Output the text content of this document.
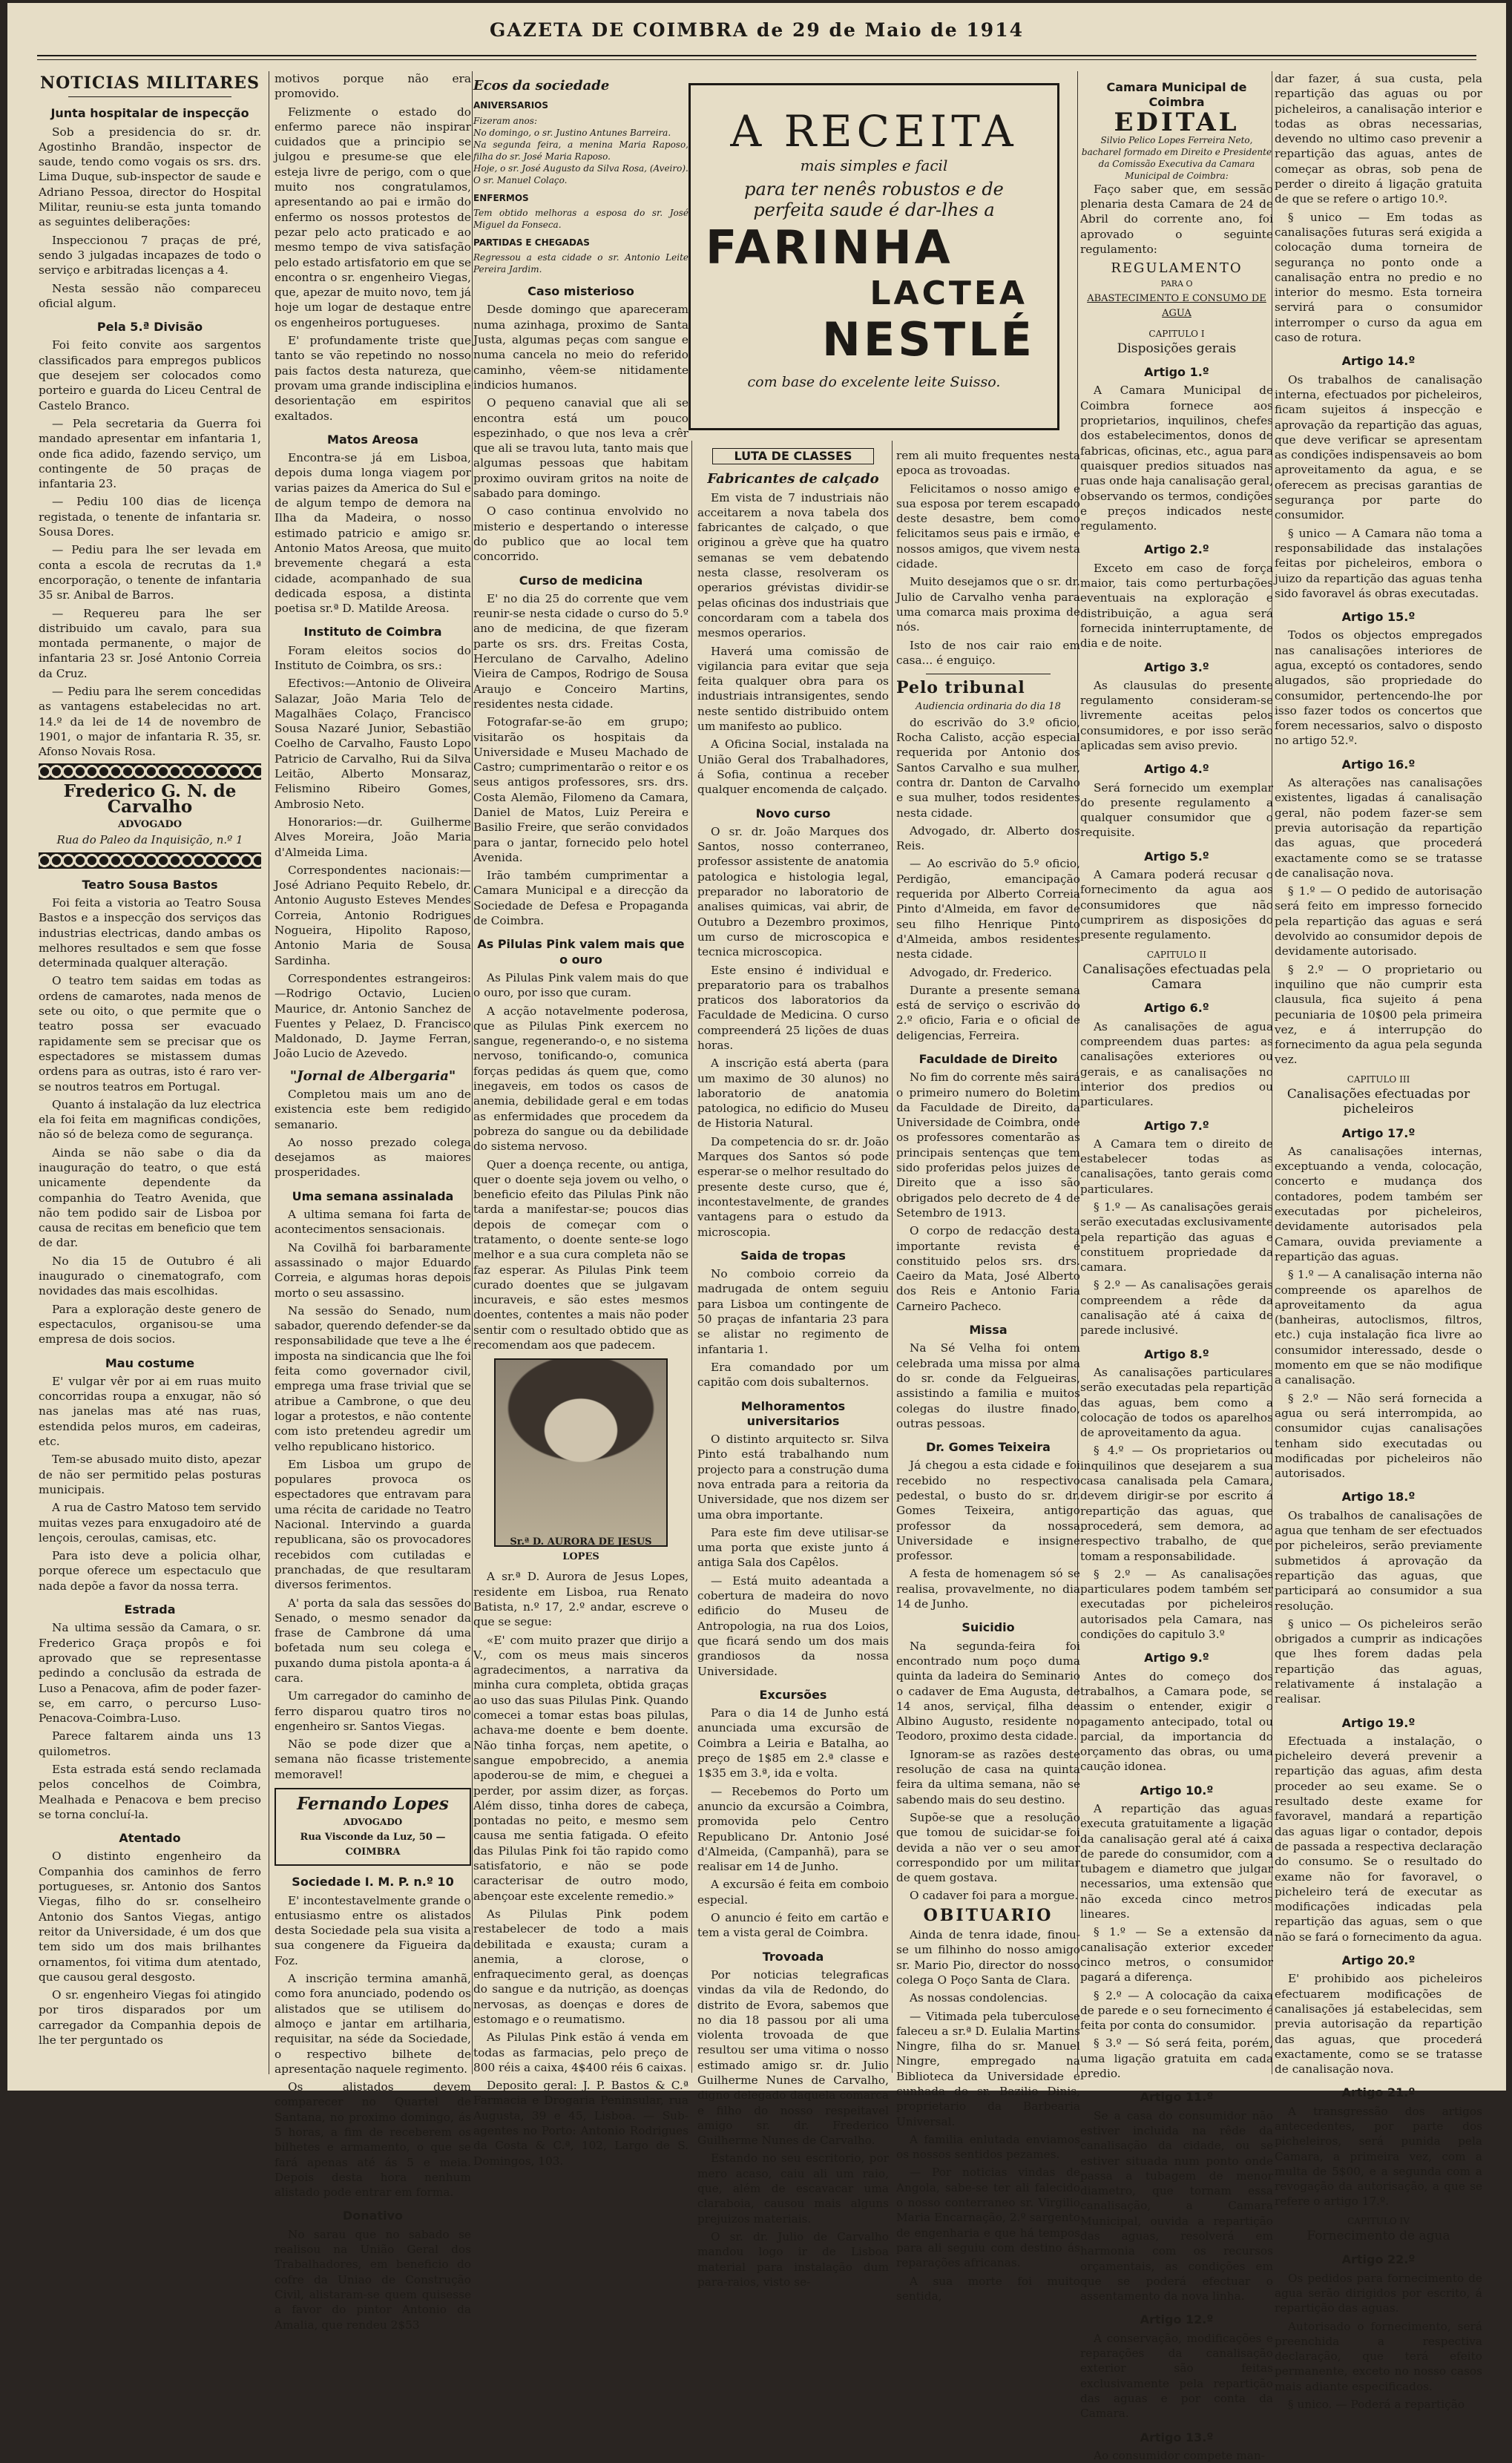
GAZETA DE COIMBRA de 29 de Maio de 1914
NOTICIAS MILITARES
Junta hospitalar de inspecção

Sob a presidencia do sr. dr. Agostinho Brandão, inspector de saude, tendo como vogais os srs. drs. Lima Duque, sub-inspector de saude e Adriano Pessoa, director do Hospital Militar, reuniu-se esta junta tomando as seguintes deliberações:

Inspeccionou 7 praças de pré, sendo 3 julgadas incapazes de todo o serviço e arbitradas licenças a 4.

Nesta sessão não compareceu oficial algum.

Pela 5.ª Divisão

Foi feito convite aos sargentos classificados para empregos publicos que desejem ser colocados como porteiro e guarda do Liceu Central de Castelo Branco.

— Pela secretaria da Guerra foi mandado apresentar em infantaria 1, onde fica adido, fazendo serviço, um contingente de 50 praças de infantaria 23.

— Pediu 100 dias de licença registada, o tenente de infantaria sr. Sousa Dores.

— Pediu para lhe ser levada em conta a escola de recrutas da 1.ª encorporação, o tenente de infantaria 35 sr. Anibal de Barros.

— Requereu para lhe ser distribuido um cavalo, para sua montada permanente, o major de infantaria 23 sr. José Antonio Correia da Cruz.

— Pediu para lhe serem concedidas as vantagens estabelecidas no art. 14.º da lei de 14 de novembro de 1901, o major de infantaria R. 35, sr. Afonso Novais Rosa.

Frederico G. N. de Carvalho
ADVOGADO
Rua do Paleo da Inquisição, n.º 1
Teatro Sousa Bastos

Foi feita a vistoria ao Teatro Sousa Bastos e a inspecção dos serviços das industrias electricas, dando ambas os melhores resultados e sem que fosse determinada qualquer alteração.

O teatro tem saidas em todas as ordens de camarotes, nada menos de sete ou oito, o que permite que o teatro possa ser evacuado rapidamente sem se precisar que os espectadores se mistassem dumas ordens para as outras, isto é raro ver-se noutros teatros em Portugal.

Quanto á instalação da luz electrica ela foi feita em magnificas condições, não só de beleza como de segurança.

Ainda se não sabe o dia da inauguração do teatro, o que está unicamente dependente da companhia do Teatro Avenida, que não tem podido sair de Lisboa por causa de recitas em beneficio que tem de dar.

No dia 15 de Outubro é ali inaugurado o cinematografo, com novidades das mais escolhidas.

Para a exploração deste genero de espectaculos, organisou-se uma empresa de dois socios.

Mau costume

E' vulgar vêr por ai em ruas muito concorridas roupa a enxugar, não só nas janelas mas até nas ruas, estendida pelos muros, em cadeiras, etc.

Tem-se abusado muito disto, apezar de não ser permitido pelas posturas municipais.

A rua de Castro Matoso tem servido muitas vezes para enxugadoiro até de lençois, ceroulas, camisas, etc.

Para isto deve a policia olhar, porque oferece um espectaculo que nada depõe a favor da nossa terra.

Estrada

Na ultima sessão da Camara, o sr. Frederico Graça propôs e foi aprovado que se representasse pedindo a conclusão da estrada de Luso a Penacova, afim de poder fazer-se, em carro, o percurso Luso-Penacova-Coimbra-Luso.

Parece faltarem ainda uns 13 quilometros.

Esta estrada está sendo reclamada pelos concelhos de Coimbra, Mealhada e Penacova e bem preciso se torna concluí-la.

Atentado

O distinto engenheiro da Companhia dos caminhos de ferro portugueses, sr. Antonio dos Santos Viegas, filho do sr. conselheiro Antonio dos Santos Viegas, antigo reitor da Universidade, é um dos que tem sido um dos mais brilhantes ornamentos, foi vitima dum atentado, que causou geral desgosto.

O sr. engenheiro Viegas foi atingido por tiros disparados por um carregador da Companhia depois de lhe ter perguntado os

motivos porque não era promovido.

Felizmente o estado do enfermo parece não inspirar cuidados que a principio se julgou e presume-se que ele esteja livre de perigo, com o que muito nos congratulamos, apresentando ao pai e irmão do enfermo os nossos protestos de pezar pelo acto praticado e ao mesmo tempo de viva satisfação pelo estado artisfatorio em que se encontra o sr. engenheiro Viegas, que, apezar de muito novo, tem já hoje um logar de destaque entre os engenheiros portugueses.

E' profundamente triste que tanto se vão repetindo no nosso pais factos desta natureza, que provam uma grande indisciplina e desorientação em espiritos exaltados.

Matos Areosa

Encontra-se já em Lisboa, depois duma longa viagem por varias paizes da America do Sul e de algum tempo de demora na Ilha da Madeira, o nosso estimado patricio e amigo sr. Antonio Matos Areosa, que muito brevemente chegará a esta cidade, acompanhado de sua dedicada esposa, a distinta poetisa sr.ª D. Matilde Areosa.

Instituto de Coimbra

Foram eleitos socios do Instituto de Coimbra, os srs.:

Efectivos:—Antonio de Oliveira Salazar, João Maria Telo de Magalhães Colaço, Francisco Sousa Nazaré Junior, Sebastião Coelho de Carvalho, Fausto Lopo Patricio de Carvalho, Rui da Silva Leitão, Alberto Monsaraz, Felismino Ribeiro Gomes, Ambrosio Neto.

Honorarios:—dr. Guilherme Alves Moreira, João Maria d'Almeida Lima.

Correspondentes nacionais:—José Adriano Pequito Rebelo, dr. Antonio Augusto Esteves Mendes Correia, Antonio Rodrigues Nogueira, Hipolito Raposo, Antonio Maria de Sousa Sardinha.

Correspondentes estrangeiros:—Rodrigo Octavio, Lucien Maurice, dr. Antonio Sanchez de Fuentes y Pelaez, D. Francisco Maldonado, D. Jayme Ferran, João Lucio de Azevedo.

"Jornal de Albergaria"

Completou mais um ano de existencia este bem redigido semanario.

Ao nosso prezado colega desejamos as maiores prosperidades.

Uma semana assinalada

A ultima semana foi farta de acontecimentos sensacionais.

Na Covilhã foi barbaramente assassinado o major Eduardo Correia, e algumas horas depois morto o seu assassino.

Na sessão do Senado, num sabador, querendo defender-se da responsabilidade que teve a lhe é imposta na sindicancia que lhe foi feita como governador civil, emprega uma frase trivial que se atribue a Cambrone, o que deu logar a protestos, e não contente com isto pretendeu agredir um velho republicano historico.

Em Lisboa um grupo de populares provoca os espectadores que entravam para uma récita de caridade no Teatro Nacional. Intervindo a guarda republicana, são os provocadores recebidos com cutiladas e pranchadas, de que resultaram diversos ferimentos.

A' porta da sala das sessões do Senado, o mesmo senador da frase de Cambrone dá uma bofetada num seu colega e puxando duma pistola aponta-a á cara.

Um carregador do caminho de ferro disparou quatro tiros no engenheiro sr. Santos Viegas.

Não se pode dizer que a semana não ficasse tristemente memoravel!

Fernando Lopes
ADVOGADO
Rua Visconde da Luz, 50 — COIMBRA
Sociedade I. M. P. n.º 10

E' incontestavelmente grande o entusiasmo entre os alistados desta Sociedade pela sua visita a sua congenere da Figueira da Foz.

A inscrição termina amanhã, como fora anunciado, podendo os alistados que se utilisem do almoço e jantar em artilharia, requisitar, na séde da Sociedade, o respectivo bilhete de apresentação naquele regimento.

Os alistados devem comparecer no Quartel de Santana, no proximo domingo, ás 5 horas, a fim de receberem os bilhetes e armamento, o que se fará apenas até ás 5 e meia. Depois desta hora nenhum alistado pode entrar em forma.

Donativo

No sarau que no sabado se realisou na União Geral dos Trabalhadores, em beneficio do cofre da Uniao de Construção Civil, alistaram-se quem quisesse a favor do pintor Antonio da Amalia, que rendeu 2$53

Ecos da sociedade
ANIVERSARIOS
Fizeram anos:
No domingo, o sr. Justino Antunes Barreira.
Na segunda feira, a menina Maria Raposo, filha do sr. José Maria Raposo.
Hoje, o sr. José Augusto da Silva Rosa, (Aveiro).
O sr. Manuel Colaço.
ENFERMOS
Tem obtido melhoras a esposa do sr. José Miguel da Fonseca.
PARTIDAS E CHEGADAS
Regressou a esta cidade o sr. Antonio Leite Pereira Jardim.
Caso misterioso

Desde domingo que apareceram numa azinhaga, proximo de Santa Justa, algumas peças com sangue e numa cancela no meio do referido caminho, vêem-se nitidamente indicios humanos.

O pequeno canavial que ali se encontra está um pouco espezinhado, o que nos leva a crêr que ali se travou luta, tanto mais que algumas pessoas que habitam proximo ouviram gritos na noite de sabado para domingo.

O caso continua envolvido no misterio e despertando o interesse do publico que ao local tem concorrido.

Curso de medicina

E' no dia 25 do corrente que vem reunir-se nesta cidade o curso do 5.º ano de medicina, de que fizeram parte os srs. drs. Freitas Costa, Herculano de Carvalho, Adelino Vieira de Campos, Rodrigo de Sousa Araujo e Conceiro Martins, residentes nesta cidade.

Fotografar-se-ão em grupo; visitarão os hospitais da Universidade e Museu Machado de Castro; cumprimentarão o reitor e os seus antigos professores, srs. drs. Costa Alemão, Filomeno da Camara, Daniel de Matos, Luiz Pereira e Basilio Freire, que serão convidados para o jantar, fornecido pelo hotel Avenida.

Irão também cumprimentar a Camara Municipal e a direcção da Sociedade de Defesa e Propaganda de Coimbra.

As Pilulas Pink valem mais que o ouro

As Pilulas Pink valem mais do que o ouro, por isso que curam.

A acção notavelmente poderosa, que as Pilulas Pink exercem no sangue, regenerando-o, e no sistema nervoso, tonificando-o, comunica forças pedidas ás quem que, como inegaveis, em todos os casos de anemia, debilidade geral e em todas as enfermidades que procedem da pobreza do sangue ou da debilidade do sistema nervoso.

Quer a doença recente, ou antiga, quer o doente seja jovem ou velho, o beneficio efeito das Pilulas Pink não tarda a manifestar-se; poucos dias depois de começar com o tratamento, o doente sente-se logo melhor e a sua cura completa não se faz esperar. As Pilulas Pink teem curado doentes que se julgavam incuraveis, e são estes mesmos doentes, contentes a mais não poder sentir com o resultado obtido que as recomendam aos que padecem.

Sr.ª D. AURORA DE JESUS LOPES

A sr.ª D. Aurora de Jesus Lopes, residente em Lisboa, rua Renato Batista, n.º 17, 2.º andar, escreve o que se segue:

«E' com muito prazer que dirijo a V., com os meus mais sinceros agradecimentos, a narrativa da minha cura completa, obtida graças ao uso das suas Pilulas Pink. Quando comecei a tomar estas boas pilulas, achava-me doente e bem doente. Não tinha forças, nem apetite, o sangue empobrecido, a anemia apoderou-se de mim, e cheguei a perder, por assim dizer, as forças. Além disso, tinha dores de cabeça, pontadas no peito, e mesmo sem causa me sentia fatigada. O efeito das Pilulas Pink foi tão rapido como satisfatorio, e não se pode caracterisar de outro modo, abençoar este excelente remedio.»

As Pilulas Pink podem restabelecer de todo a mais debilitada e exausta; curam a anemia, a clorose, o enfraquecimento geral, as doenças do sangue e da nutrição, as doenças nervosas, as doenças e dores de estomago e o reumatismo.

As Pilulas Pink estão á venda em todas as farmacias, pelo preço de 800 réis a caixa, 4$400 réis 6 caixas.

Deposito geral: J. P. Bastos & C.ª Farmacia e Drogaria Peninsular, rua Augusta, 39 e 45, Lisboa. — Sub-agentes no Porto: Antonio Rodrigues da Costa & C.ª, 102, Largo de S. Domingos, 103.

A RECEITA
mais simples e facil
para ter nenês robustos e de
perfeita saude é dar-lhes a
FARINHA
LACTEA
NESTLÉ
com base do excelente leite Suisso.
LUTA DE CLASSES
Fabricantes de calçado

Em vista de 7 industriais não acceitarem a nova tabela dos fabricantes de calçado, o que originou a grève que ha quatro semanas se vem debatendo nesta classe, resolveram os operarios grévistas dividir-se pelas oficinas dos industriais que concordaram com a tabela dos mesmos operarios.

Haverá uma comissão de vigilancia para evitar que seja feita qualquer obra para os industriais intransigentes, sendo neste sentido distribuido ontem um manifesto ao publico.

A Oficina Social, instalada na União Geral dos Trabalhadores, á Sofia, continua a receber qualquer encomenda de calçado.

Novo curso

O sr. dr. João Marques dos Santos, nosso conterraneo, professor assistente de anatomia patologica e histologia legal, preparador no laboratorio de analises quimicas, vai abrir, de Outubro a Dezembro proximos, um curso de microscopica e tecnica microscopica.

Este ensino é individual e preparatorio para os trabalhos praticos dos laboratorios da Faculdade de Medicina. O curso compreenderá 25 lições de duas horas.

A inscrição está aberta (para um maximo de 30 alunos) no laboratorio de anatomia patologica, no edificio do Museu de Historia Natural.

Da competencia do sr. dr. João Marques dos Santos só pode esperar-se o melhor resultado do presente deste curso, que é, incontestavelmente, de grandes vantagens para o estudo da microscopia.

Saida de tropas

No comboio correio da madrugada de ontem seguiu para Lisboa um contingente de 50 praças de infantaria 23 para se alistar no regimento de infantaria 1.

Era comandado por um capitão com dois subalternos.

Melhoramentos universitarios

O distinto arquitecto sr. Silva Pinto está trabalhando num projecto para a construção duma nova entrada para a reitoria da Universidade, que nos dizem ser uma obra importante.

Para este fim deve utilisar-se uma porta que existe junto á antiga Sala dos Capêlos.

— Está muito adeantada a cobertura de madeira do novo edificio do Museu de Antropologia, na rua dos Loios, que ficará sendo um dos mais grandiosos da nossa Universidade.

Excursões

Para o dia 14 de Junho está anunciada uma excursão de Coimbra a Leiria e Batalha, ao preço de 1$85 em 2.ª classe e 1$35 em 3.ª, ida e volta.

— Recebemos do Porto um anuncio da excursão a Coimbra, promovida pelo Centro Republicano Dr. Antonio José d'Almeida, (Campanhã), para se realisar em 14 de Junho.

A excursão é feita em comboio especial.

O anuncio é feito em cartão e tem a vista geral de Coimbra.

Trovoada

Por noticias telegraficas vindas da vila de Redondo, do distrito de Evora, sabemos que no dia 18 passou por ali uma violenta trovoada de que resultou ser uma vitima o nosso estimado amigo sr. dr. Julio Guilherme Nunes de Carvalho, digno delegado daquela comarca e filho do nosso respeitavel amigo sr. dr. Frederico Guilherme Nunes de Carvalho.

Estando no seu escritorio, por mero acaso, caiu ali um raio, que, além de escavacar uma claraboia, causou mais alguns prejuizos materiais.

O sr. dr. Julio de Carvalho mandou logo ir de Lisboa material para instalação dum para-raios, visto se-

rem ali muito frequentes nesta epoca as trovoadas.

Felicitamos o nosso amigo e sua esposa por terem escapado deste desastre, bem como felicitamos seus pais e irmão, e nossos amigos, que vivem nesta cidade.

Muito desejamos que o sr. dr. Julio de Carvalho venha para uma comarca mais proxima de nós.

Isto de nos cair raio em casa... é enguiço.

Pelo tribunal
Audiencia ordinaria do dia 18

do escrivão do 3.º oficio, Rocha Calisto, acção especial requerida por Antonio dos Santos Carvalho e sua mulher, contra dr. Danton de Carvalho e sua mulher, todos residentes nesta cidade.

Advogado, dr. Alberto dos Reis.

— Ao escrivão do 5.º oficio, Perdigão, emancipação requerida por Alberto Correia Pinto d'Almeida, em favor de seu filho Henrique Pinto d'Almeida, ambos residentes nesta cidade.

Advogado, dr. Frederico.

Durante a presente semana está de serviço o escrivão do 2.º oficio, Faria e o oficial de deligencias, Ferreira.

Faculdade de Direito

No fim do corrente mês sairá o primeiro numero do Boletim da Faculdade de Direito, da Universidade de Coimbra, onde os professores comentarão as principais sentenças que tem sido proferidas pelos juizes de Direito que a isso são obrigados pelo decreto de 4 de Setembro de 1913.

O corpo de redacção desta importante revista é constituido pelos srs. drs. Caeiro da Mata, José Alberto dos Reis e Antonio Faria Carneiro Pacheco.

Missa

Na Sé Velha foi ontem celebrada uma missa por alma do sr. conde da Felgueiras, assistindo a familia e muitos colegas do ilustre finado, outras pessoas.

Dr. Gomes Teixeira

Já chegou a esta cidade e foi recebido no respectivo pedestal, o busto do sr. dr. Gomes Teixeira, antigo professor da nossa Universidade e insigne professor.

A festa de homenagem só se realisa, provavelmente, no dia 14 de Junho.

Suicidio

Na segunda-feira foi encontrado num poço duma quinta da ladeira do Seminario o cadaver de Ema Augusta, de 14 anos, serviçal, filha de Albino Augusto, residente no Teodoro, proximo desta cidade.

Ignoram-se as razões deste resolução de casa na quinta feira da ultima semana, não se sabendo mais do seu destino.

Supõe-se que a resolução que tomou de suicidar-se foi devida a não ver o seu amor correspondido por um militar de quem gostava.

O cadaver foi para a morgue.

OBITUARIO

Ainda de tenra idade, finou-se um filhinho do nosso amigo sr. Mario Pio, director do nosso colega O Poço Santa de Clara.

As nossas condolencias.

— Vitimada pela tuberculose faleceu a sr.ª D. Eulalia Martins Ningre, filha do sr. Manuel Ningre, empregado na Biblioteca da Universidade e cunhada do sr. Bazilio Dinis, proprietario da Barbearia Universal.

A familia enlutada enviamos os nossos sentidos pezames.

— Por noticias vindas de Angola, sabe-se ter ali falecido o nosso conterraneo sr. Virgilio Maria Encarnação, 2.º sargento de engenharia e que há tempos para ali seguiu com destino ás reparações africanas.

A sua morte foi muito sentida,

Camara Municipal de Coimbra
EDITAL
Silvio Pelico Lopes Ferreira Neto, bacharel formado em Direito e Presidente da Comissão Executiva da Camara Municipal de Coimbra:

Faço saber que, em sessão plenaria desta Camara de 24 de Abril do corrente ano, foi aprovado o seguinte regulamento:

REGULAMENTO
PARA O
ABASTECIMENTO E CONSUMO DE AGUA
CAPITULO I
Disposições gerais
Artigo 1.º

A Camara Municipal de Coimbra fornece aos proprietarios, inquilinos, chefes dos estabelecimentos, donos de fabricas, oficinas, etc., agua para quaisquer predios situados nas ruas onde haja canalisação geral, observando os termos, condições e preços indicados neste regulamento.

Artigo 2.º

Exceto em caso de força maior, tais como perturbações eventuais na exploração e distribuição, a agua será fornecida ininterruptamente, de dia e de noite.

Artigo 3.º

As clausulas do presente regulamento consideram-se livremente aceitas pelos consumidores, e por isso serão aplicadas sem aviso previo.

Artigo 4.º

Será fornecido um exemplar do presente regulamento a qualquer consumidor que o requisite.

Artigo 5.º

A Camara poderá recusar o fornecimento da agua aos consumidores que não cumprirem as disposições do presente regulamento.

CAPITULO II
Canalisações efectuadas pela Camara
Artigo 6.º

As canalisações de agua compreendem duas partes: as canalisações exteriores ou gerais, e as canalisações no interior dos predios ou particulares.

Artigo 7.º

A Camara tem o direito de estabelecer todas as canalisações, tanto gerais como particulares.

§ 1.º — As canalisações gerais serão executadas exclusivamente pela repartição das aguas e constituem propriedade da camara.

§ 2.º — As canalisações gerais compreendem a rêde da canalisação até á caixa de parede inclusivé.

Artigo 8.º

As canalisações particulares serão executadas pela repartição das aguas, bem como a colocação de todos os aparelhos de aproveitamento da agua.

§ 4.º — Os proprietarios ou inquilinos que desejarem a sua casa canalisada pela Camara, devem dirigir-se por escrito á repartição das aguas, que procederá, sem demora, ao respectivo trabalho, de que tomam a responsabilidade.

§ 2.º — As canalisações particulares podem também ser executadas por picheleiros autorisados pela Camara, nas condições do capitulo 3.º

Artigo 9.º

Antes do começo dos trabalhos, a Camara pode, se assim o entender, exigir o pagamento antecipado, total ou parcial, da importancia do orçamento das obras, ou uma caução idonea.

Artigo 10.º

A repartição das aguas executa gratuitamente a ligação da canalisação geral até á caixa de parede do consumidor, com a tubagem e diametro que julgar necessarios, uma extensão que não exceda cinco metros lineares.

§ 1.º — Se a extensão da canalisação exterior exceder cinco metros, o consumidor pagará a diferença.

§ 2.º — A colocação da caixa de parede e o seu fornecimento é feita por conta do consumidor.

§ 3.º — Só será feita, porém, uma ligação gratuita em cada predio.

Artigo 11.º

Se a casa do consumidor não estiver incluida na rêde da canalisação da cidade, ou se estiver situada num ponto onde passa a tubagem de menor diametro, que tornam essa canalisação, a Camara Municipal, ouvida a repartição das aguas, resolverá em harmonia com os recursos orçamentais, as condições em que se poderá efectuar o assentamento da nova linha.

Artigo 12.º

A conservação, modificações e reparações da canalisação exterior são feitas exclusivamente pela repartição das aguas e por conta da Camara.

Artigo 13.º

Ao consumidor compete man-

dar fazer, á sua custa, pela repartição das aguas ou por picheleiros, a canalisação interior e todas as obras necessarias, devendo no ultimo caso prevenir a repartição das aguas, antes de começar as obras, sob pena de perder o direito á ligação gratuita de que se refere o artigo 10.º.

§ unico — Em todas as canalisações futuras será exigida a colocação duma torneira de segurança no ponto onde a canalisação entra no predio e no interior do mesmo. Esta torneira servirá para o consumidor interromper o curso da agua em caso de rotura.

Artigo 14.º

Os trabalhos de canalisação interna, efectuados por picheleiros, ficam sujeitos á inspecção e aprovação da repartição das aguas, que deve verificar se apresentam as condições indispensaveis ao bom aproveitamento da agua, e se oferecem as precisas garantias de segurança por parte do consumidor.

§ unico — A Camara não toma a responsabilidade das instalações feitas por picheleiros, embora o juizo da repartição das aguas tenha sido favoravel ás obras executadas.

Artigo 15.º

Todos os objectos empregados nas canalisações interiores de agua, exceptó os contadores, sendo alugados, são propriedade do consumidor, pertencendo-lhe por isso fazer todos os concertos que forem necessarios, salvo o disposto no artigo 52.º.

Artigo 16.º

As alterações nas canalisações existentes, ligadas á canalisação geral, não podem fazer-se sem previa autorisação da repartição das aguas, que procederá exactamente como se se tratasse de canalisação nova.

§ 1.º — O pedido de autorisação será feito em impresso fornecido pela repartição das aguas e será devolvido ao consumidor depois de devidamente autorisado.

§ 2.º — O proprietario ou inquilino que não cumprir esta clausula, fica sujeito á pena pecuniaria de 10$00 pela primeira vez, e á interrupção do fornecimento da agua pela segunda vez.

CAPITULO III
Canalisações efectuadas por picheleiros
Artigo 17.º

As canalisações internas, exceptuando a venda, colocação, concerto e mudança dos contadores, podem também ser executadas por picheleiros, devidamente autorisados pela Camara, ouvida previamente a repartição das aguas.

§ 1.º — A canalisação interna não compreende os aparelhos de aproveitamento da agua (banheiras, autoclismos, filtros, etc.) cuja instalação fica livre ao consumidor interessado, desde o momento em que se não modifique a canalisação.

§ 2.º — Não será fornecida a agua ou será interrompida, ao consumidor cujas canalisações tenham sido executadas ou modificadas por picheleiros não autorisados.

Artigo 18.º

Os trabalhos de canalisações de agua que tenham de ser efectuados por picheleiros, serão previamente submetidos á aprovação da repartição das aguas, que participará ao consumidor a sua resolução.

§ unico — Os picheleiros serão obrigados a cumprir as indicações que lhes forem dadas pela repartição das aguas, relativamente á instalação a realisar.

Artigo 19.º

Efectuada a instalação, o picheleiro deverá prevenir a repartição das aguas, afim desta proceder ao seu exame. Se o resultado deste exame for favoravel, mandará a repartição das aguas ligar o contador, depois de passada a respectiva declaração do consumo. Se o resultado do exame não for favoravel, o picheleiro terá de executar as modificações indicadas pela repartição das aguas, sem o que não se fará o fornecimento da agua.

Artigo 20.º

E' prohibido aos picheleiros efectuarem modificações de canalisações já estabelecidas, sem previa autorisação da repartição das aguas, que procederá exactamente, como se se tratasse de canalisação nova.

Artigo 21.º

A transgressão dos artigos antecedentes, por parte dos picheleiros, será punida pela Camara, a primeira vez, com a multa de 5$00, e a segunda com a revogação da autorisação, a que se refere o artigo 17.º.

CAPITULO IV
Fornecimento de agua
Artigo 22.º

Os pedidos para fornecimento de agua serão dirigidos por escrito, á repartição das aguas.

Autorisado o fornecimento, será preenchida a respectiva declaração, que terá efeito permanente, exceto no nosso casos mais adiante especificados.

§ unico. — Poderá a repartição
